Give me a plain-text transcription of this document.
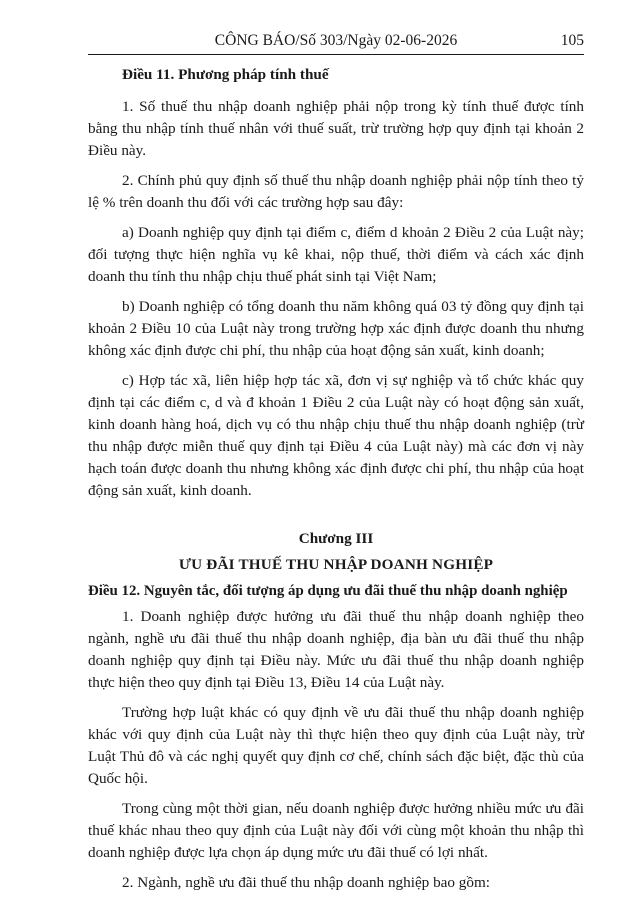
CÔNG BÁO/Số 303/Ngày 02-06-2026	105
Điều 11. Phương pháp tính thuế

1. Số thuế thu nhập doanh nghiệp phải nộp trong kỳ tính thuế được tính bằng thu nhập tính thuế nhân với thuế suất, trừ trường hợp quy định tại khoản 2 Điều này.

2. Chính phủ quy định số thuế thu nhập doanh nghiệp phải nộp tính theo tỷ lệ % trên doanh thu đối với các trường hợp sau đây:

a) Doanh nghiệp quy định tại điểm c, điểm d khoản 2 Điều 2 của Luật này; đối tượng thực hiện nghĩa vụ kê khai, nộp thuế, thời điểm và cách xác định doanh thu tính thu nhập chịu thuế phát sinh tại Việt Nam;

b) Doanh nghiệp có tổng doanh thu năm không quá 03 tỷ đồng quy định tại khoản 2 Điều 10 của Luật này trong trường hợp xác định được doanh thu nhưng không xác định được chi phí, thu nhập của hoạt động sản xuất, kinh doanh;

c) Hợp tác xã, liên hiệp hợp tác xã, đơn vị sự nghiệp và tổ chức khác quy định tại các điểm c, d và đ khoản 1 Điều 2 của Luật này có hoạt động sản xuất, kinh doanh hàng hoá, dịch vụ có thu nhập chịu thuế thu nhập doanh nghiệp (trừ thu nhập được miễn thuế quy định tại Điều 4 của Luật này) mà các đơn vị này hạch toán được doanh thu nhưng không xác định được chi phí, thu nhập của hoạt động sản xuất, kinh doanh.

Chương III
ƯU ĐÃI THUẾ THU NHẬP DOANH NGHIỆP
Điều 12. Nguyên tắc, đối tượng áp dụng ưu đãi thuế thu nhập doanh nghiệp

1. Doanh nghiệp được hưởng ưu đãi thuế thu nhập doanh nghiệp theo ngành, nghề ưu đãi thuế thu nhập doanh nghiệp, địa bàn ưu đãi thuế thu nhập doanh nghiệp quy định tại Điều này. Mức ưu đãi thuế thu nhập doanh nghiệp thực hiện theo quy định tại Điều 13, Điều 14 của Luật này.

Trường hợp luật khác có quy định về ưu đãi thuế thu nhập doanh nghiệp khác với quy định của Luật này thì thực hiện theo quy định của Luật này, trừ Luật Thủ đô và các nghị quyết quy định cơ chế, chính sách đặc biệt, đặc thù của Quốc hội.

Trong cùng một thời gian, nếu doanh nghiệp được hưởng nhiều mức ưu đãi thuế khác nhau theo quy định của Luật này đối với cùng một khoản thu nhập thì doanh nghiệp được lựa chọn áp dụng mức ưu đãi thuế có lợi nhất.

2. Ngành, nghề ưu đãi thuế thu nhập doanh nghiệp bao gồm:
